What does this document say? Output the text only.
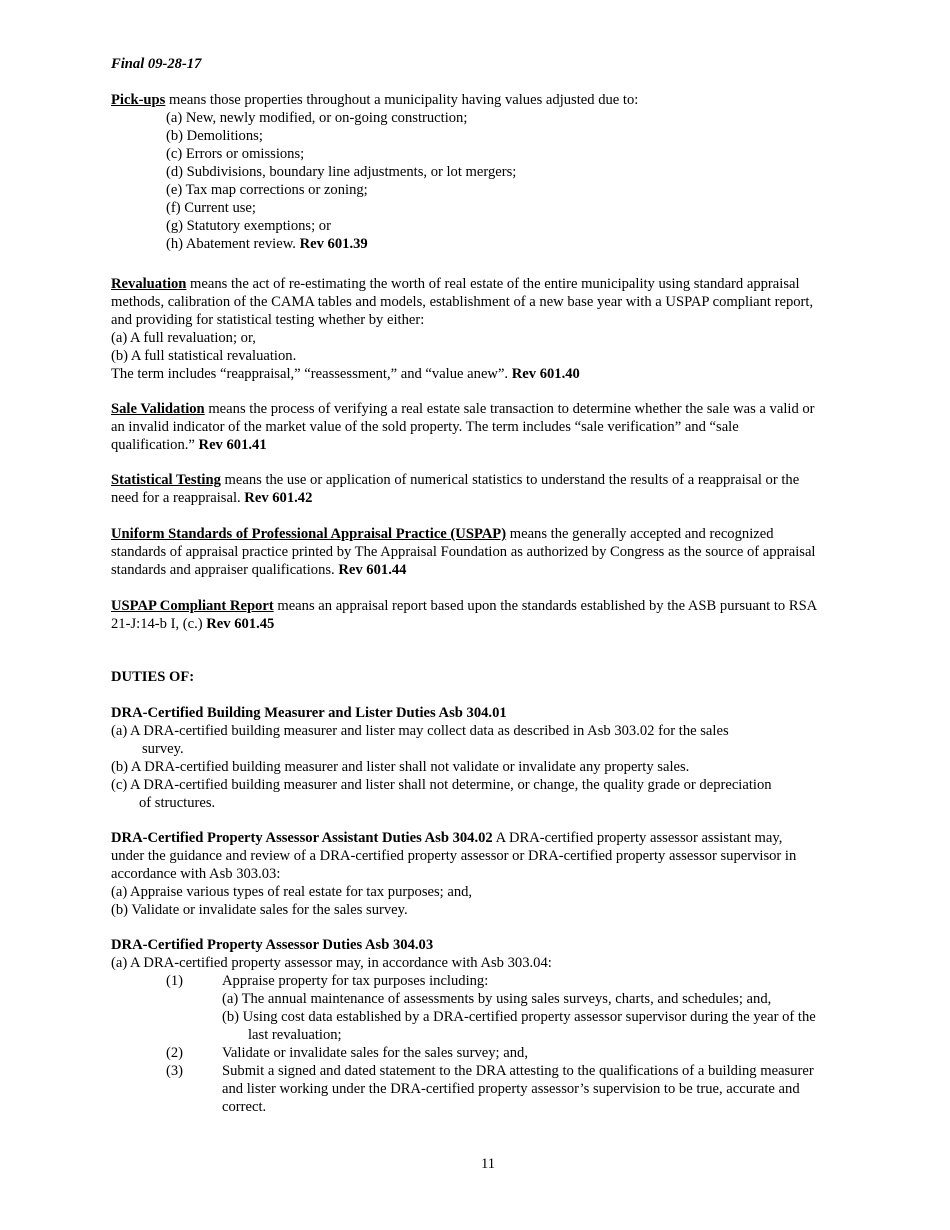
Final 09-28-17
Pick-ups means those properties throughout a municipality having values adjusted due to:
(a) New, newly modified, or on-going construction;
(b) Demolitions;
(c) Errors or omissions;
(d) Subdivisions, boundary line adjustments, or lot mergers;
(e) Tax map corrections or zoning;
(f) Current use;
(g) Statutory exemptions; or
(h) Abatement review. Rev 601.39
Revaluation means the act of re-estimating the worth of real estate of the entire municipality using standard appraisal
methods, calibration of the CAMA tables and models, establishment of a new base year with a USPAP compliant report,
and providing for statistical testing whether by either:
(a) A full revaluation; or,
(b) A full statistical revaluation.
The term includes “reappraisal,” “reassessment,” and “value anew”. Rev 601.40
Sale Validation means the process of verifying a real estate sale transaction to determine whether the sale was a valid or
an invalid indicator of the market value of the sold property. The term includes “sale verification” and “sale
qualification.” Rev 601.41
Statistical Testing means the use or application of numerical statistics to understand the results of a reappraisal or the
need for a reappraisal. Rev 601.42
Uniform Standards of Professional Appraisal Practice (USPAP) means the generally accepted and recognized
standards of appraisal practice printed by The Appraisal Foundation as authorized by Congress as the source of appraisal
standards and appraiser qualifications. Rev 601.44
USPAP Compliant Report means an appraisal report based upon the standards established by the ASB pursuant to RSA
21-J:14-b I, (c.) Rev 601.45
DUTIES OF:
DRA-Certified Building Measurer and Lister Duties Asb 304.01
(a) A DRA-certified building measurer and lister may collect data as described in Asb 303.02 for the sales
survey.
(b) A DRA-certified building measurer and lister shall not validate or invalidate any property sales.
(c) A DRA-certified building measurer and lister shall not determine, or change, the quality grade or depreciation
of structures.
DRA-Certified Property Assessor Assistant Duties Asb 304.02 A DRA-certified property assessor assistant may,
under the guidance and review of a DRA-certified property assessor or DRA-certified property assessor supervisor in
accordance with Asb 303.03:
(a) Appraise various types of real estate for tax purposes; and,
(b) Validate or invalidate sales for the sales survey.
DRA-Certified Property Assessor Duties Asb 304.03
(a) A DRA-certified property assessor may, in accordance with Asb 303.04:
(1)	Appraise property for tax purposes including:
(a) The annual maintenance of assessments by using sales surveys, charts, and schedules; and,
(b) Using cost data established by a DRA-certified property assessor supervisor during the year of the
last revaluation;
(2)	Validate or invalidate sales for the sales survey; and,
(3)	Submit a signed and dated statement to the DRA attesting to the qualifications of a building measurer
and lister working under the DRA-certified property assessor’s supervision to be true, accurate and
correct.
11
